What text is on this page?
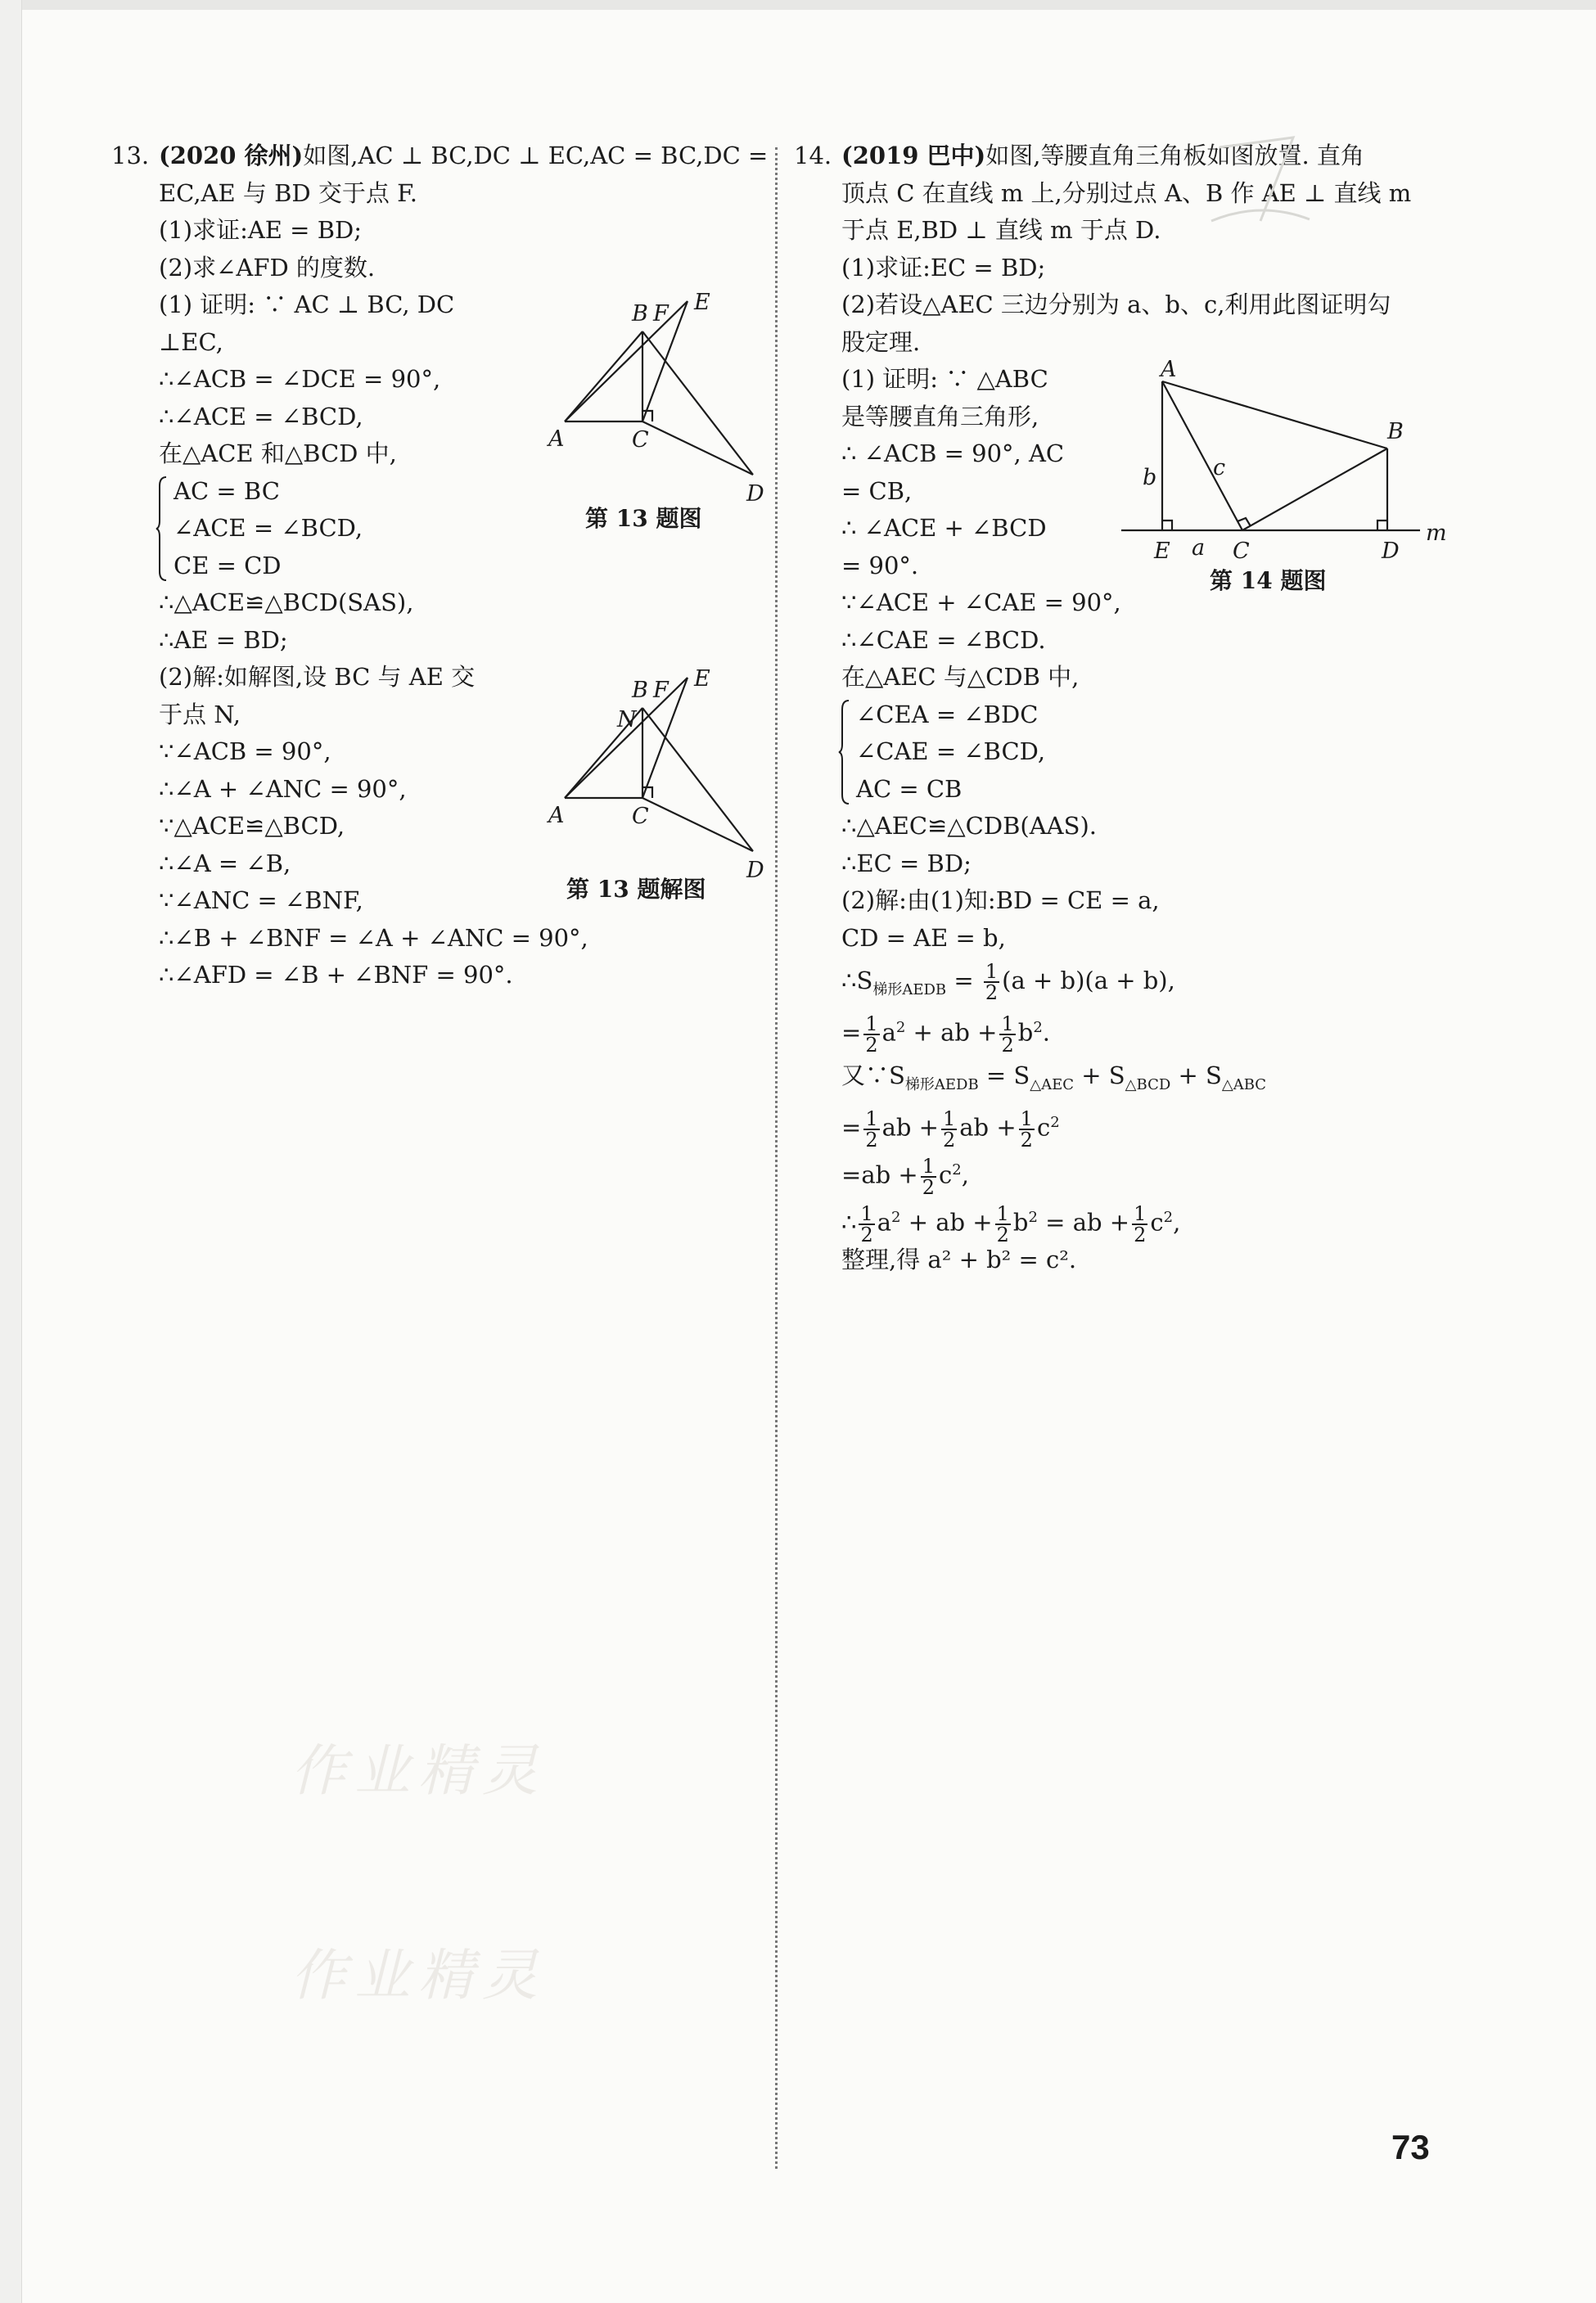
13. (2020 徐州)如图,AC ⊥ BC,DC ⊥ EC,AC = BC,DC =
EC,AE 与 BD 交于点 F.
(1)求证:AE = BD;
(2)求∠AFD 的度数.
(1) 证明: ∵ AC ⊥ BC, DC
⊥EC,
∴∠ACB = ∠DCE = 90°,
∴∠ACE = ∠BCD,
在△ACE 和△BCD 中,
AC = BC
∠ACE = ∠BCD,
CE = CD
∴△ACE≌△BCD(SAS),
∴AE = BD;
(2)解:如解图,设 BC 与 AE 交
于点 N,
∵∠ACB = 90°,
∴∠A + ∠ANC = 90°,
∵△ACE≌△BCD,
∴∠A = ∠B,
∵∠ANC = ∠BNF,
∴∠B + ∠BNF = ∠A + ∠ANC = 90°,
∴∠AFD = ∠B + ∠BNF = 90°.
A
B F E
C
D
第 13 题图
A
B F E
N
C
D
第 13 题解图
14. (2019 巴中)如图,等腰直角三角板如图放置. 直角
顶点 C 在直线 m 上,分别过点 A、B 作 AE ⊥ 直线 m
于点 E,BD ⊥ 直线 m 于点 D.
(1)求证:EC = BD;
(2)若设△AEC 三边分别为 a、b、c,利用此图证明勾
股定理.
(1) 证明: ∵ △ABC
是等腰直角三角形,
∴ ∠ACB = 90°, AC
= CB,
∴ ∠ACE + ∠BCD
= 90°.
∵∠ACE + ∠CAE = 90°,
∴∠CAE = ∠BCD.
在△AEC 与△CDB 中,
∠CEA = ∠BDC
∠CAE = ∠BCD,
AC = CB
∴△AEC≌△CDB(AAS).
∴EC = BD;
(2)解:由(1)知:BD = CE = a,
CD = AE = b,
$\therefore S_{梯形AEDB} = \frac{1}{2} (a + b)(a + b)$,
= $\frac{1}{2} a^2$ + ab + $\frac{1}{2} b^2$.
又$\because S_{梯形AEDB} = S_{\triangle AEC} + S_{\triangle BCD} + S_{\triangle ABC}$
= $\frac{1}{2}$ ab + $\frac{1}{2}$ ab + $\frac{1}{2} c^2$
$=ab + \frac{1}{2} c^2$,
∴ $\frac{1}{2} a^2$ + ab + $\frac{1}{2} b^2$ = ab + $\frac{1}{2} c^2$,
整理,得 a² + b² = c².
A
B
C	D
E a
b	c
m
第 14 题图
作业精灵
作业精灵
73
